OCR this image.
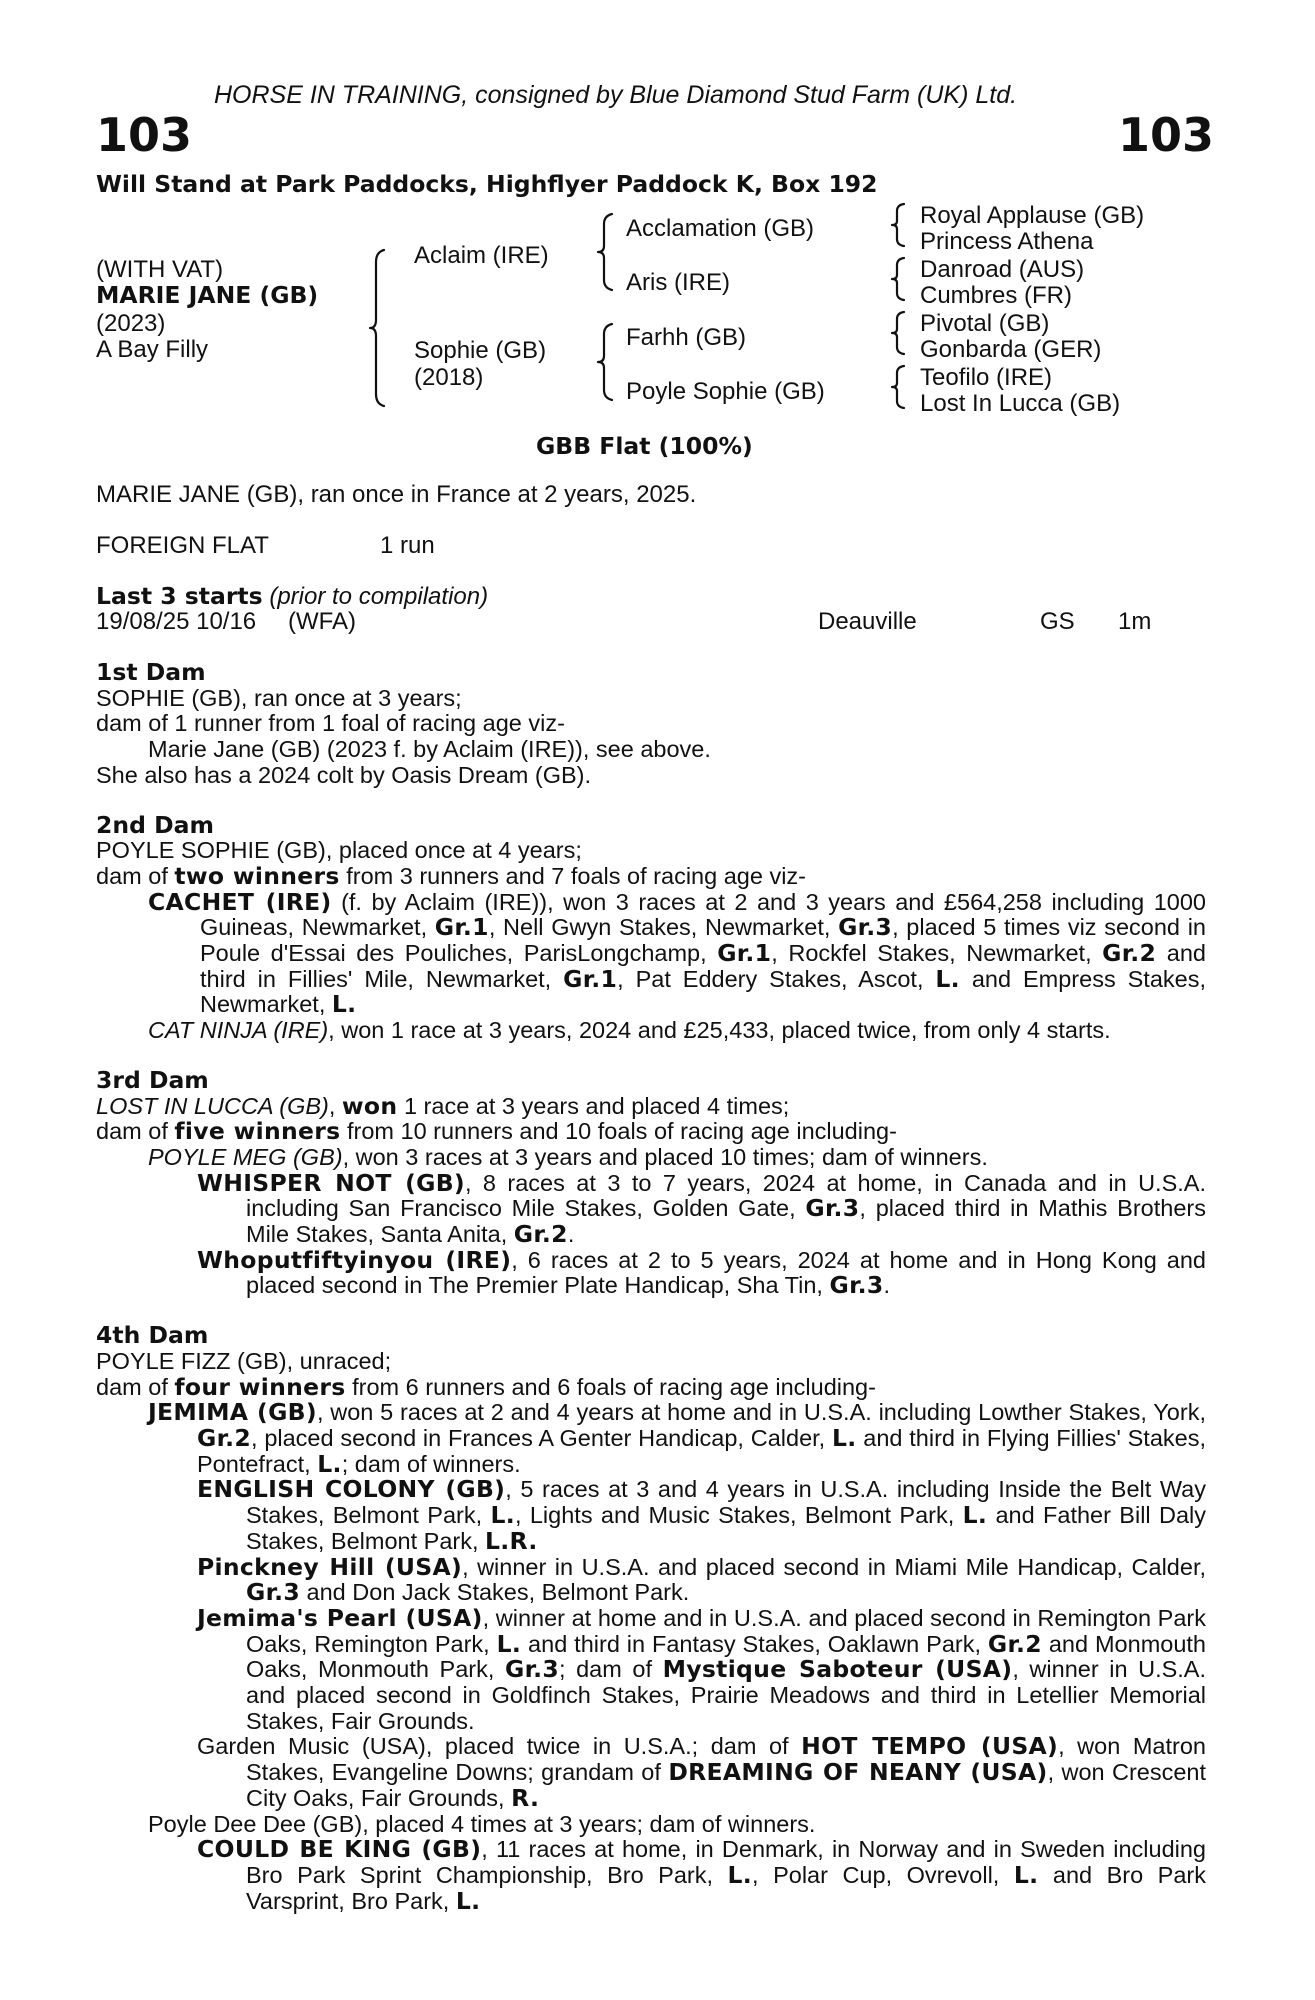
HORSE IN TRAINING, consigned by Blue Diamond Stud Farm (UK) Ltd.
103	103
Will Stand at Park Paddocks, Highflyer Paddock K, Box 192
(WITH VAT)
MARIE JANE (GB)
(2023)
A Bay Filly
Aclaim (IRE)
Sophie (GB)
(2018)
Acclamation (GB)
Aris (IRE)
Farhh (GB)
Poyle Sophie (GB)
Royal Applause (GB)
Princess Athena
Danroad (AUS)
Cumbres (FR)
Pivotal (GB)
Gonbarda (GER)
Teofilo (IRE)
Lost In Lucca (GB)
GBB Flat (100%)
MARIE JANE (GB), ran once in France at 2 years, 2025.
FOREIGN FLAT	1 run
Last 3 starts (prior to compilation)
19/08/25 10/16 (WFA)	Deauville	GS 1m
1st Dam
SOPHIE (GB), ran once at 3 years;
dam of 1 runner from 1 foal of racing age viz-
Marie Jane (GB) (2023 f. by Aclaim (IRE)), see above.
She also has a 2024 colt by Oasis Dream (GB).
2nd Dam
POYLE SOPHIE (GB), placed once at 4 years;
dam of two winners from 3 runners and 7 foals of racing age viz-
CACHET (IRE) (f. by Aclaim (IRE)), won 3 races at 2 and 3 years and £564,258 including 1000 Guineas, Newmarket, Gr.1, Nell Gwyn Stakes, Newmarket, Gr.3, placed 5 times viz second in Poule d'Essai des Pouliches, ParisLongchamp, Gr.1, Rockfel Stakes, Newmarket, Gr.2 and third in Fillies' Mile, Newmarket, Gr.1, Pat Eddery Stakes, Ascot, L. and Empress Stakes, Newmarket, L.
CAT NINJA (IRE), won 1 race at 3 years, 2024 and £25,433, placed twice, from only 4 starts.
3rd Dam
LOST IN LUCCA (GB), won 1 race at 3 years and placed 4 times;
dam of five winners from 10 runners and 10 foals of racing age including-
POYLE MEG (GB), won 3 races at 3 years and placed 10 times; dam of winners.
WHISPER NOT (GB), 8 races at 3 to 7 years, 2024 at home, in Canada and in U.S.A. including San Francisco Mile Stakes, Golden Gate, Gr.3, placed third in Mathis Brothers Mile Stakes, Santa Anita, Gr.2.
Whoputfiftyinyou (IRE), 6 races at 2 to 5 years, 2024 at home and in Hong Kong and placed second in The Premier Plate Handicap, Sha Tin, Gr.3.
4th Dam
POYLE FIZZ (GB), unraced;
dam of four winners from 6 runners and 6 foals of racing age including-
JEMIMA (GB), won 5 races at 2 and 4 years at home and in U.S.A. including Lowther Stakes, York, Gr.2, placed second in Frances A Genter Handicap, Calder, L. and third in Flying Fillies' Stakes, Pontefract, L.; dam of winners.
ENGLISH COLONY (GB), 5 races at 3 and 4 years in U.S.A. including Inside the Belt Way Stakes, Belmont Park, L., Lights and Music Stakes, Belmont Park, L. and Father Bill Daly Stakes, Belmont Park, L.R.
Pinckney Hill (USA), winner in U.S.A. and placed second in Miami Mile Handicap, Calder, Gr.3 and Don Jack Stakes, Belmont Park.
Jemima's Pearl (USA), winner at home and in U.S.A. and placed second in Remington Park Oaks, Remington Park, L. and third in Fantasy Stakes, Oaklawn Park, Gr.2 and Monmouth Oaks, Monmouth Park, Gr.3; dam of Mystique Saboteur (USA), winner in U.S.A. and placed second in Goldfinch Stakes, Prairie Meadows and third in Letellier Memorial Stakes, Fair Grounds.
Garden Music (USA), placed twice in U.S.A.; dam of HOT TEMPO (USA), won Matron Stakes, Evangeline Downs; grandam of DREAMING OF NEANY (USA), won Crescent City Oaks, Fair Grounds, R.
Poyle Dee Dee (GB), placed 4 times at 3 years; dam of winners.
COULD BE KING (GB), 11 races at home, in Denmark, in Norway and in Sweden including Bro Park Sprint Championship, Bro Park, L., Polar Cup, Ovrevoll, L. and Bro Park Varsprint, Bro Park, L.
